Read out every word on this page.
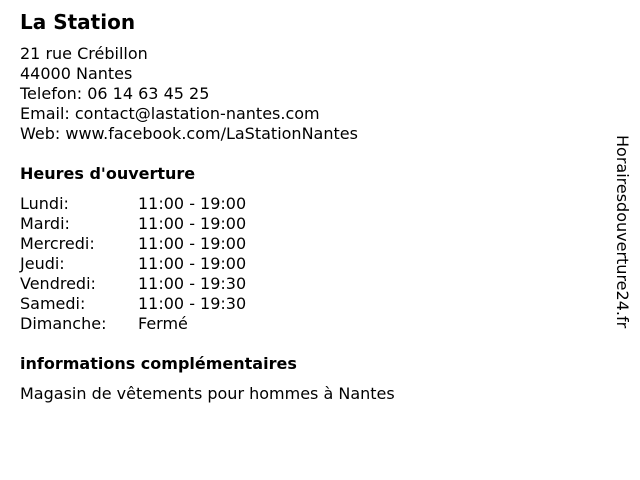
La Station
21 rue Crébillon
44000 Nantes
Telefon: 06 14 63 45 25
Email: contact@lastation-nantes.com
Web: www.facebook.com/LaStationNantes
Heures d'ouverture
Lundi:	11:00 - 19:00
Mardi:	11:00 - 19:00
Mercredi:	11:00 - 19:00
Jeudi:	11:00 - 19:00
Vendredi:	11:00 - 19:30
Samedi:	11:00 - 19:30
Dimanche: Fermé
informations complémentaires
Magasin de vêtements pour hommes à Nantes
Horairesdouverture24.fr
